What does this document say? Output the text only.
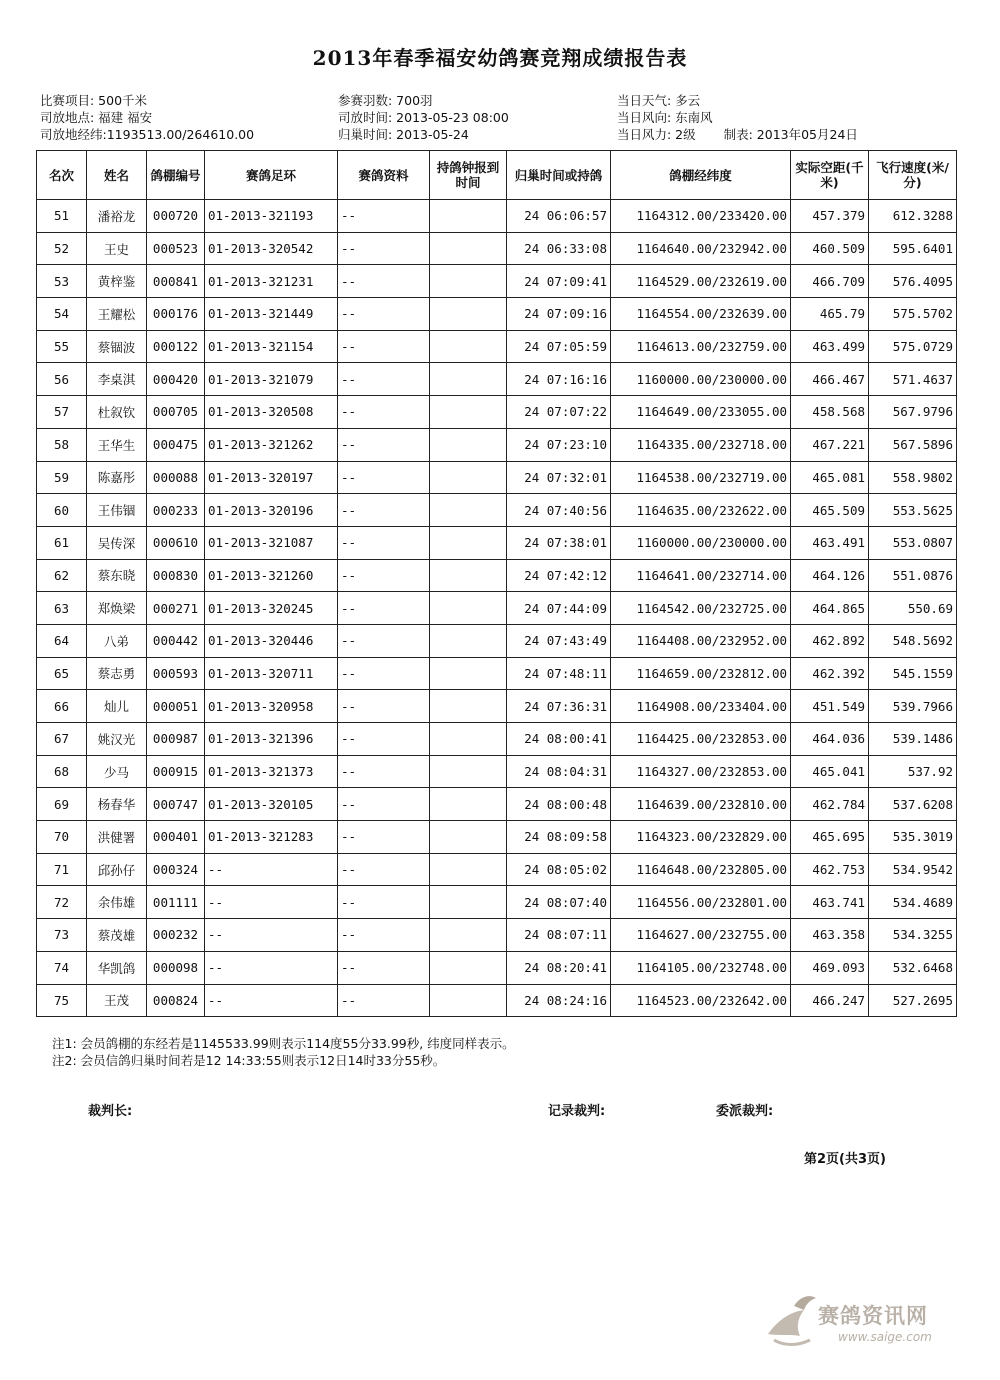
2013年春季福安幼鸽赛竞翔成绩报告表
比赛项目: 500千米
司放地点: 福建 福安
司放地经纬:1193513.00/264610.00
参赛羽数: 700羽
司放时间: 2013-05-23 08:00
归巢时间: 2013-05-24
当日天气: 多云
当日风向: 东南风
当日风力: 2级 制表: 2013年05月24日
名次	姓名	鸽棚编号	赛鸽足环	赛鸽资料	持鸽钟报到时间	归巢时间或持鸽	鸽棚经纬度	实际空距(千米)	飞行速度(米/分)
51	潘裕龙	000720	01-2013-321193	--		24 06:06:57	1164312.00/233420.00	457.379	612.3288
52	王史	000523	01-2013-320542	--		24 06:33:08	1164640.00/232942.00	460.509	595.6401
53	黄梓鉴	000841	01-2013-321231	--		24 07:09:41	1164529.00/232619.00	466.709	576.4095
54	王耀松	000176	01-2013-321449	--		24 07:09:16	1164554.00/232639.00	465.79	575.5702
55	蔡锢波	000122	01-2013-321154	--		24 07:05:59	1164613.00/232759.00	463.499	575.0729
56	李桌淇	000420	01-2013-321079	--		24 07:16:16	1160000.00/230000.00	466.467	571.4637
57	杜叙钦	000705	01-2013-320508	--		24 07:07:22	1164649.00/233055.00	458.568	567.9796
58	王华生	000475	01-2013-321262	--		24 07:23:10	1164335.00/232718.00	467.221	567.5896
59	陈嘉彤	000088	01-2013-320197	--		24 07:32:01	1164538.00/232719.00	465.081	558.9802
60	王伟锢	000233	01-2013-320196	--		24 07:40:56	1164635.00/232622.00	465.509	553.5625
61	吴传深	000610	01-2013-321087	--		24 07:38:01	1160000.00/230000.00	463.491	553.0807
62	蔡东晓	000830	01-2013-321260	--		24 07:42:12	1164641.00/232714.00	464.126	551.0876
63	郑焕梁	000271	01-2013-320245	--		24 07:44:09	1164542.00/232725.00	464.865	550.69
64	八弟	000442	01-2013-320446	--		24 07:43:49	1164408.00/232952.00	462.892	548.5692
65	蔡志勇	000593	01-2013-320711	--		24 07:48:11	1164659.00/232812.00	462.392	545.1559
66	灿儿	000051	01-2013-320958	--		24 07:36:31	1164908.00/233404.00	451.549	539.7966
67	姚汉光	000987	01-2013-321396	--		24 08:00:41	1164425.00/232853.00	464.036	539.1486
68	少马	000915	01-2013-321373	--		24 08:04:31	1164327.00/232853.00	465.041	537.92
69	杨春华	000747	01-2013-320105	--		24 08:00:48	1164639.00/232810.00	462.784	537.6208
70	洪健署	000401	01-2013-321283	--		24 08:09:58	1164323.00/232829.00	465.695	535.3019
71	邱孙仔	000324	--	--		24 08:05:02	1164648.00/232805.00	462.753	534.9542
72	余伟雄	001111	--	--		24 08:07:40	1164556.00/232801.00	463.741	534.4689
73	蔡茂雄	000232	--	--		24 08:07:11	1164627.00/232755.00	463.358	534.3255
74	华凯鸽	000098	--	--		24 08:20:41	1164105.00/232748.00	469.093	532.6468
75	王茂	000824	--	--		24 08:24:16	1164523.00/232642.00	466.247	527.2695
注1: 会员鸽棚的东经若是1145533.99则表示114度55分33.99秒, 纬度同样表示。
注2: 会员信鸽归巢时间若是12 14:33:55则表示12日14时33分55秒。
裁判长:	记录裁判:	委派裁判:
第2页(共3页)
赛鸽资讯网
www.saige.com
